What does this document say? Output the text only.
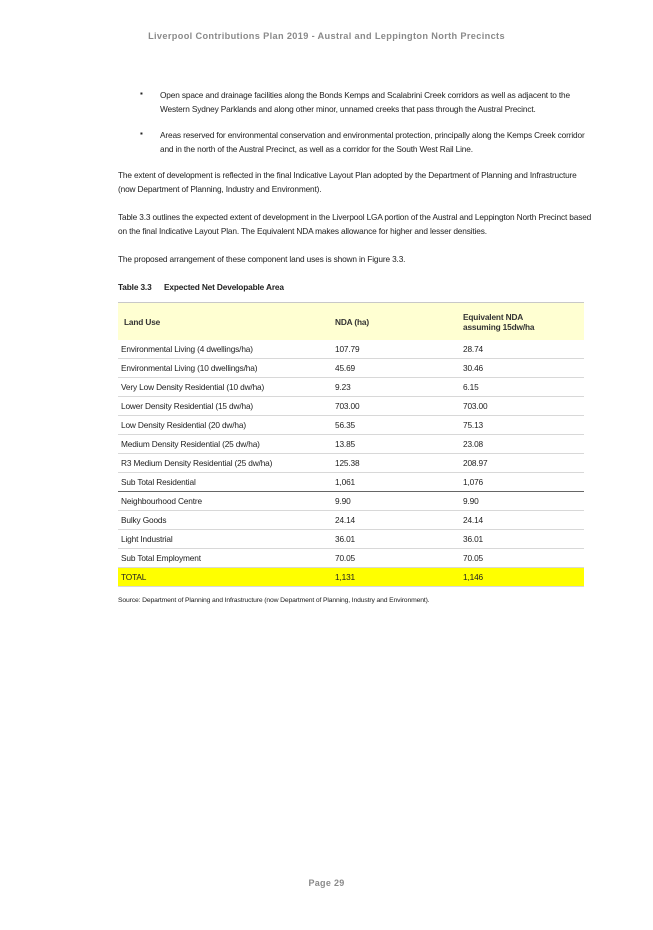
Liverpool Contributions Plan 2019 - Austral and Leppington North Precincts
▪ Open space and drainage facilities along the Bonds Kemps and Scalabrini Creek corridors as well as adjacent to the Western Sydney Parklands and along other minor, unnamed creeks that pass through the Austral Precinct.
▪ Areas reserved for environmental conservation and environmental protection, principally along the Kemps Creek corridor and in the north of the Austral Precinct, as well as a corridor for the South West Rail Line.

The extent of development is reflected in the final Indicative Layout Plan adopted by the Department of Planning and Infrastructure (now Department of Planning, Industry and Environment).

Table 3.3 outlines the expected extent of development in the Liverpool LGA portion of the Austral and Leppington North Precinct based on the final Indicative Layout Plan. The Equivalent NDA makes allowance for higher and lesser densities.

The proposed arrangement of these component land uses is shown in Figure 3.3.

Table 3.3 Expected Net Developable Area
Land Use	NDA (ha)	Equivalent NDA
assuming 15dw/ha
Environmental Living (4 dwellings/ha)	107.79	28.74
Environmental Living (10 dwellings/ha)	45.69	30.46
Very Low Density Residential (10 dw/ha)	9.23	6.15
Lower Density Residential (15 dw/ha)	703.00	703.00
Low Density Residential (20 dw/ha)	56.35	75.13
Medium Density Residential (25 dw/ha)	13.85	23.08
R3 Medium Density Residential (25 dw/ha)	125.38	208.97
Sub Total Residential	1,061	1,076
Neighbourhood Centre	9.90	9.90
Bulky Goods	24.14	24.14
Light Industrial	36.01	36.01
Sub Total Employment	70.05	70.05
TOTAL	1,131	1,146
Source: Department of Planning and Infrastructure (now Department of Planning, Industry and Environment).
Page 29
